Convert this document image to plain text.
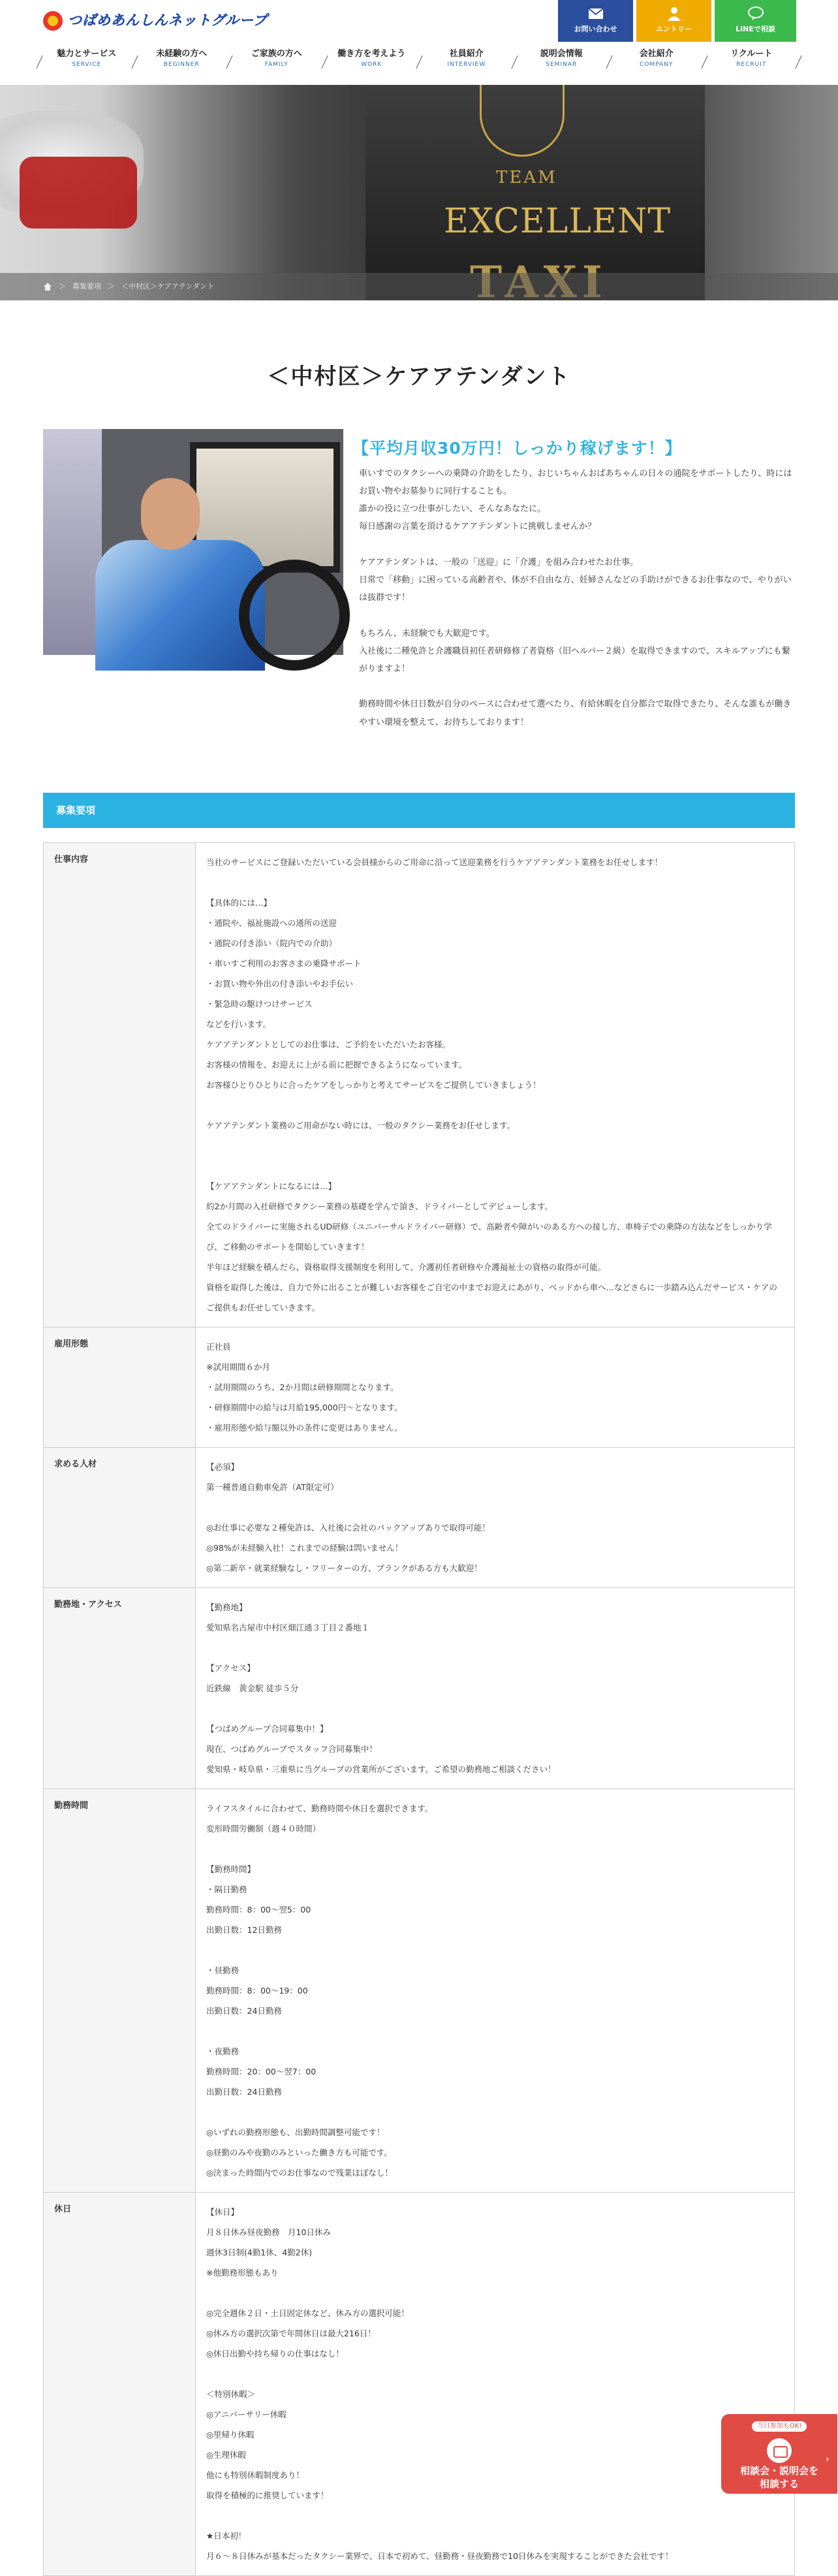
つばめあんしんネットグループ
お問い合わせ	エントリー	LINEで相談
魅力とサービス
SERVICE
未経験の方へ
BEGINNER
ご家族の方へ
FAMILY
働き方を考えよう
WORK
社員紹介
INTERVIEW
説明会情報
SEMINAR
会社紹介
COMPANY
リクルート
RECRUIT
TEAM
EXCELLENT
＞ 募集要項 ＞ ＜中村区＞ケアアテンダント
＜中村区＞ケアアテンダント
【平均月収30万円！しっかり稼げます！】

車いすでのタクシーへの乗降の介助をしたり、おじいちゃんおばあちゃんの日々の通院をサポートしたり、時にはお買い物やお墓参りに同行することも。
誰かの役に立つ仕事がしたい、そんなあなたに。
毎日感謝の言葉を頂けるケアアテンダントに挑戦しませんか？

ケアアテンダントは、一般の「送迎」に「介護」を組み合わせたお仕事。
日常で「移動」に困っている高齢者や、体が不自由な方、妊婦さんなどの手助けができるお仕事なので、やりがいは抜群です！

もちろん、未経験でも大歓迎です。
入社後に二種免許と介護職員初任者研修修了者資格（旧ヘルパー２級）を取得できますので、スキルアップにも繋がりますよ！

勤務時間や休日日数が自分のペースに合わせて選べたり、有給休暇を自分都合で取得できたり、そんな誰もが働きやすい環境を整えて、お待ちしております！

募集要項
仕事内容	当社のサービスにご登録いただいている会員様からのご用命に沿って送迎業務を行うケアアテンダント業務をお任せします！
【具体的には…】
・通院や、福祉施設への通所の送迎
・通院の付き添い（院内での介助）
・車いすご利用のお客さまの乗降サポート
・お買い物や外出の付き添いやお手伝い
・緊急時の駆けつけサービス
などを行います。
ケアアテンダントとしてのお仕事は、ご予約をいただいたお客様。
お客様の情報を、お迎えに上がる前に把握できるようになっています。
お客様ひとりひとりに合ったケアをしっかりと考えてサービスをご提供していきましょう！
ケアアテンダント業務のご用命がない時には、一般のタクシー業務をお任せします。
【ケアアテンダントになるには…】
約2か月間の入社研修でタクシー業務の基礎を学んで頂き、ドライバーとしてデビューします。
全てのドライバーに実施されるUD研修（ユニバーサルドライバー研修）で、高齢者や障がいのある方への接し方、車椅子での乗降の方法などをしっかり学び、ご移動のサポートを開始していきます！
半年ほど経験を積んだら、資格取得支援制度を利用して、介護初任者研修や介護福祉士の資格の取得が可能。
資格を取得した後は、自力で外に出ることが難しいお客様をご自宅の中までお迎えにあがり、ベッドから車へ…などさらに一歩踏み込んだサービス・ケアのご提供もお任せしていきます。
雇用形態	正社員
※試用期間６か月
・試用期間のうち、2か月間は研修期間となります。
・研修期間中の給与は月給195,000円〜となります。
・雇用形態や給与額以外の条件に変更はありません。
求める人材	【必須】
第一種普通自動車免許（AT限定可）
◎お仕事に必要な２種免許は、入社後に会社のバックアップありで取得可能！
◎98%が未経験入社！これまでの経験は問いません！
◎第二新卒・就業経験なし・フリーターの方、ブランクがある方も大歓迎！
勤務地・アクセス	【勤務地】
愛知県名古屋市中村区畑江通３丁目２番地１
【アクセス】
近鉄線　黄金駅 徒歩５分
【つばめグループ合同募集中！】
現在、つばめグループでスタッフ合同募集中！
愛知県・岐阜県・三重県に当グループの営業所がございます。ご希望の勤務地ご相談ください！
勤務時間	ライフスタイルに合わせて、勤務時間や休日を選択できます。
変形時間労働制（週４０時間）
【勤務時間】
・隔日勤務
勤務時間：8：00〜翌5：00
出勤日数：12日勤務
・昼勤務
勤務時間：8：00〜19：00
出勤日数：24日勤務
・夜勤務
勤務時間：20：00〜翌7：00
出勤日数：24日勤務
◎いずれの勤務形態も、出勤時間調整可能です！
◎昼勤のみや夜勤のみといった働き方も可能です。
◎決まった時間内でのお仕事なので残業ほぼなし！
休日	【休日】
月８日休み昼夜勤務　月10日休み
週休3日制(4勤1休、4勤2休)
※他勤務形態もあり
◎完全週休２日・土日固定休など、休み方の選択可能！
◎休み方の選択次第で年間休日は最大216日！
◎休日出勤や持ち帰りの仕事はなし！
＜特別休暇＞
◎アニバーサリー休暇
◎里帰り休暇
◎生理休暇
他にも特別休暇制度あり！
取得を積極的に推奨しています！
★日本初！
月６〜８日休みが基本だったタクシー業界で、日本で初めて、昼勤務・昼夜勤務で10日休みを実現することができた会社です！
当日参加もOK!
相談会・説明会を
相談する
›
